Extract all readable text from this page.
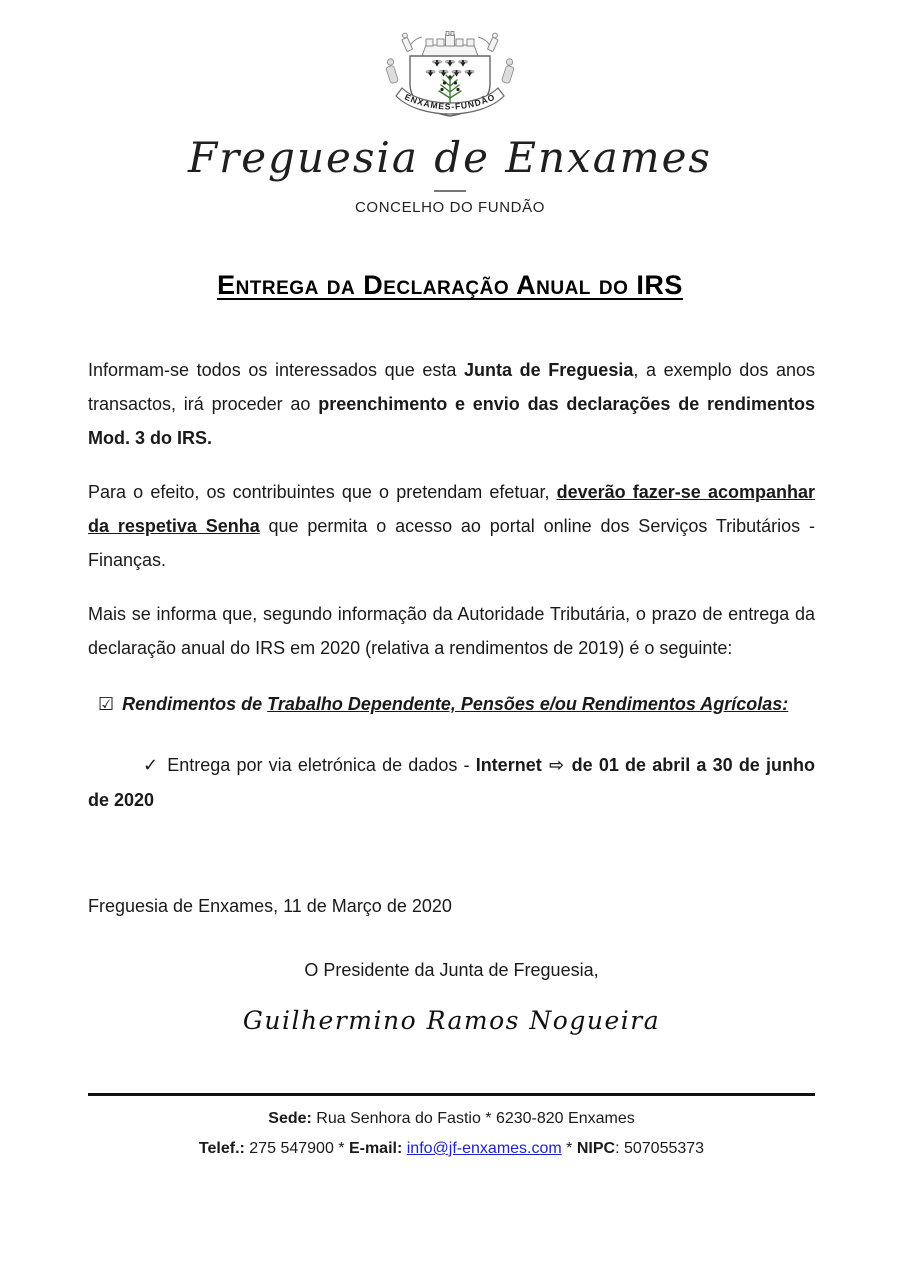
ENXAMES-FUNDÃO
Freguesia de Enxames
CONCELHO DO FUNDÃO
Entrega da Declaração Anual do IRS

Informam-se todos os interessados que esta Junta de Freguesia, a exemplo dos anos transactos, irá proceder ao preenchimento e envio das declarações de rendimentos Mod. 3 do IRS.

Para o efeito, os contribuintes que o pretendam efetuar, deverão fazer-se acompanhar da respetiva Senha que permita o acesso ao portal online dos Serviços Tributários - Finanças.

Mais se informa que, segundo informação da Autoridade Tributária, o prazo de entrega da declaração anual do IRS em 2020 (relativa a rendimentos de 2019) é o seguinte:

☑ Rendimentos de Trabalho Dependente, Pensões e/ou Rendimentos Agrícolas:

✓ Entrega por via eletrónica de dados - Internet ⇨ de 01 de abril a 30 de junho de 2020

Freguesia de Enxames, 11 de Março de 2020

O Presidente da Junta de Freguesia,

Guilhermino Ramos Nogueira

Sede: Rua Senhora do Fastio * 6230-820 Enxames
Telef.: 275 547900 * E-mail: info@jf-enxames.com * NIPC: 507055373
